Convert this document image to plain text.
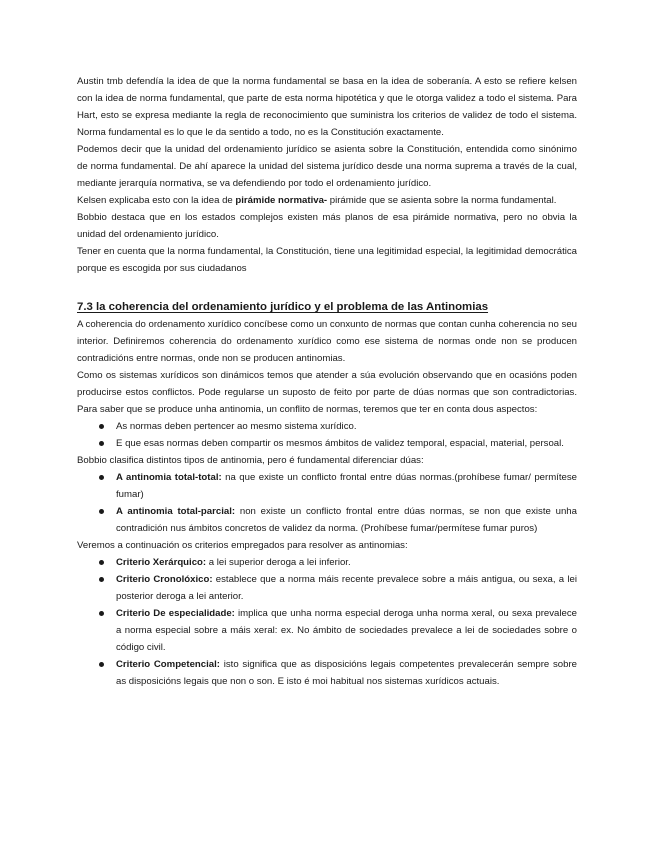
Austin tmb defendía la idea de que la norma fundamental se basa en la idea de soberanía. A esto se refiere kelsen con la idea de norma fundamental, que parte de esta norma hipotética y que le otorga validez a todo el sistema. Para Hart, esto se expresa mediante la regla de reconocimiento que suministra los criterios de validez de todo el sistema. Norma fundamental es lo que le da sentido a todo, no es la Constitución exactamente.

Podemos decir que la unidad del ordenamiento jurídico se asienta sobre la Constitución, entendida como sinónimo de norma fundamental. De ahí aparece la unidad del sistema jurídico desde una norma suprema a través de la cual, mediante jerarquía normativa, se va defendiendo por todo el ordenamiento jurídico.

Kelsen explicaba esto con la idea de pirámide normativa- pirámide que se asienta sobre la norma fundamental.

Bobbio destaca que en los estados complejos existen más planos de esa pirámide normativa, pero no obvia la unidad del ordenamiento jurídico.

Tener en cuenta que la norma fundamental, la Constitución, tiene una legitimidad especial, la legitimidad democrática porque es escogida por sus ciudadanos

7.3 la coherencia del ordenamiento jurídico y el problema de las Antinomias

A coherencia do ordenamento xurídico concíbese como un conxunto de normas que contan cunha coherencia no seu interior. Definiremos coherencia do ordenamento xurídico como ese sistema de normas onde non se producen contradicións entre normas, onde non se producen antinomias.

Como os sistemas xurídicos son dinámicos temos que atender a súa evolución observando que en ocasións poden producirse estos conflictos. Pode regularse un suposto de feito por parte de dúas normas que son contradictorias. Para saber que se produce unha antinomia, un conflito de normas, teremos que ter en conta dous aspectos:

As normas deben pertencer ao mesmo sistema xurídico.
E que esas normas deben compartir os mesmos ámbitos de validez temporal, espacial, material, persoal.

Bobbio clasifica distintos tipos de antinomia, pero é fundamental diferenciar dúas:

A antinomia total-total: na que existe un conflicto frontal entre dúas normas.(prohíbese fumar/ permítese fumar)
A antinomia total-parcial: non existe un conflicto frontal entre dúas normas, se non que existe unha contradición nus ámbitos concretos de validez da norma. (Prohíbese fumar/permítese fumar puros)

Veremos a continuación os criterios empregados para resolver as antinomias:

Criterio Xerárquico: a lei superior deroga a lei inferior.
Criterio Cronolóxico: establece que a norma máis recente prevalece sobre a máis antigua, ou sexa, a lei posterior deroga a lei anterior.
Criterio De especialidade: implica que unha norma especial deroga unha norma xeral, ou sexa prevalece a norma especial sobre a máis xeral: ex. No ámbito de sociedades prevalece a lei de sociedades sobre o código civil.
Criterio Competencial: isto significa que as disposicións legais competentes prevalecerán sempre sobre as disposicións legais que non o son. E isto é moi habitual nos sistemas xurídicos actuais.
